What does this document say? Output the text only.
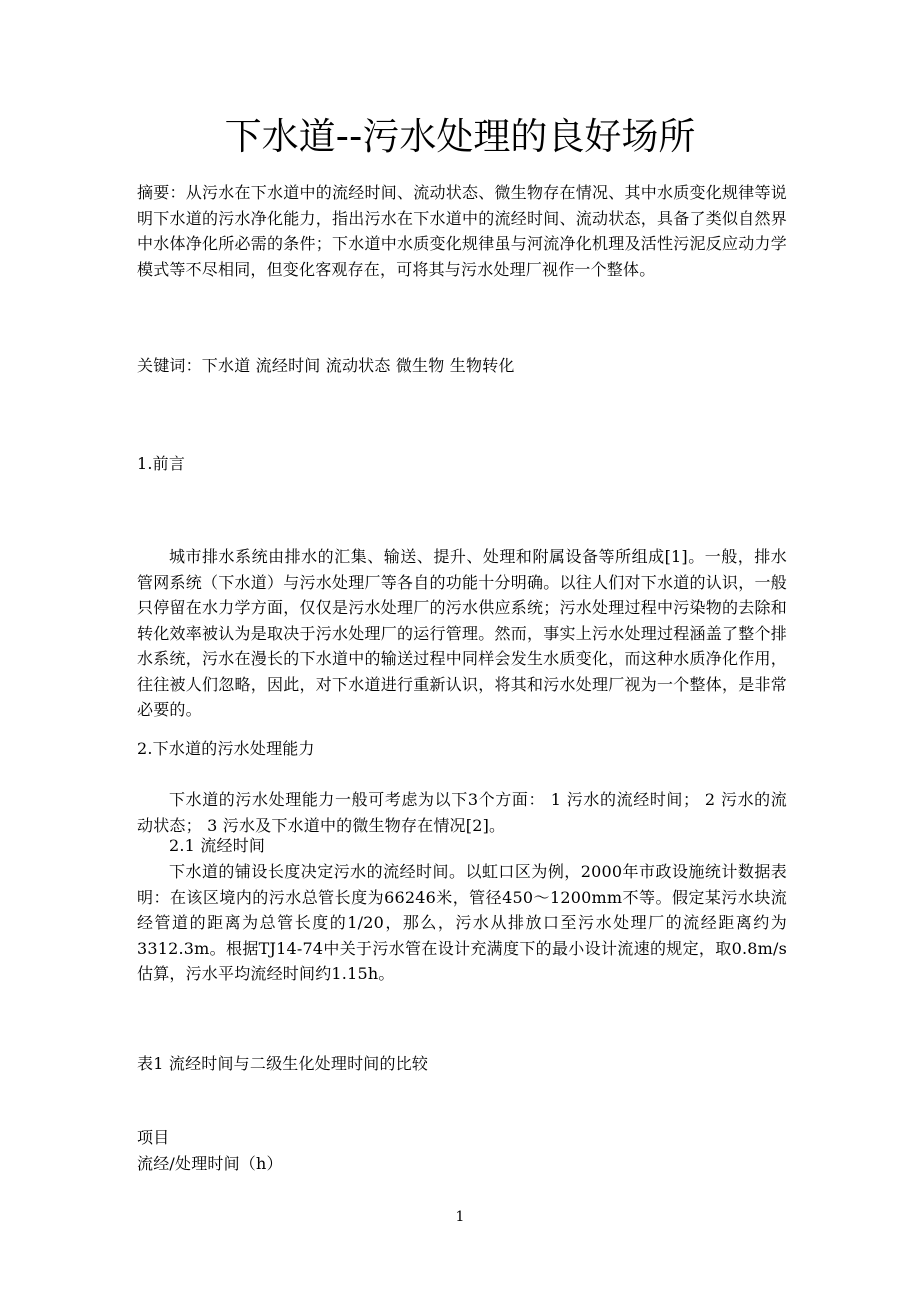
下水道--污水处理的良好场所
摘要：从污水在下水道中的流经时间、流动状态、微生物存在情况、其中水质变化规律等说明下水道的污水净化能力，指出污水在下水道中的流经时间、流动状态，具备了类似自然界中水体净化所必需的条件；下水道中水质变化规律虽与河流净化机理及活性污泥反应动力学模式等不尽相同，但变化客观存在，可将其与污水处理厂视作一个整体。
关键词：下水道 流经时间 流动状态 微生物 生物转化
1.前言
城市排水系统由排水的汇集、输送、提升、处理和附属设备等所组成[1]。一般，排水管网系统（下水道）与污水处理厂等各自的功能十分明确。以往人们对下水道的认识，一般只停留在水力学方面，仅仅是污水处理厂的污水供应系统；污水处理过程中污染物的去除和转化效率被认为是取决于污水处理厂的运行管理。然而，事实上污水处理过程涵盖了整个排水系统，污水在漫长的下水道中的输送过程中同样会发生水质变化，而这种水质净化作用，往往被人们忽略，因此，对下水道进行重新认识，将其和污水处理厂视为一个整体，是非常必要的。
2.下水道的污水处理能力
下水道的污水处理能力一般可考虑为以下3个方面： 1 污水的流经时间； 2 污水的流动状态； 3 污水及下水道中的微生物存在情况[2]。
2.1 流经时间
下水道的铺设长度决定污水的流经时间。以虹口区为例，2000年市政设施统计数据表明：在该区境内的污水总管长度为66246米，管径450～1200mm不等。假定某污水块流经管道的距离为总管长度的1/20，那么，污水从排放口至污水处理厂的流经距离约为3312.3m。根据TJ14-74中关于污水管在设计充满度下的最小设计流速的规定，取0.8m/s估算，污水平均流经时间约1.15h。
表1 流经时间与二级生化处理时间的比较
项目
流经/处理时间（h）
1
